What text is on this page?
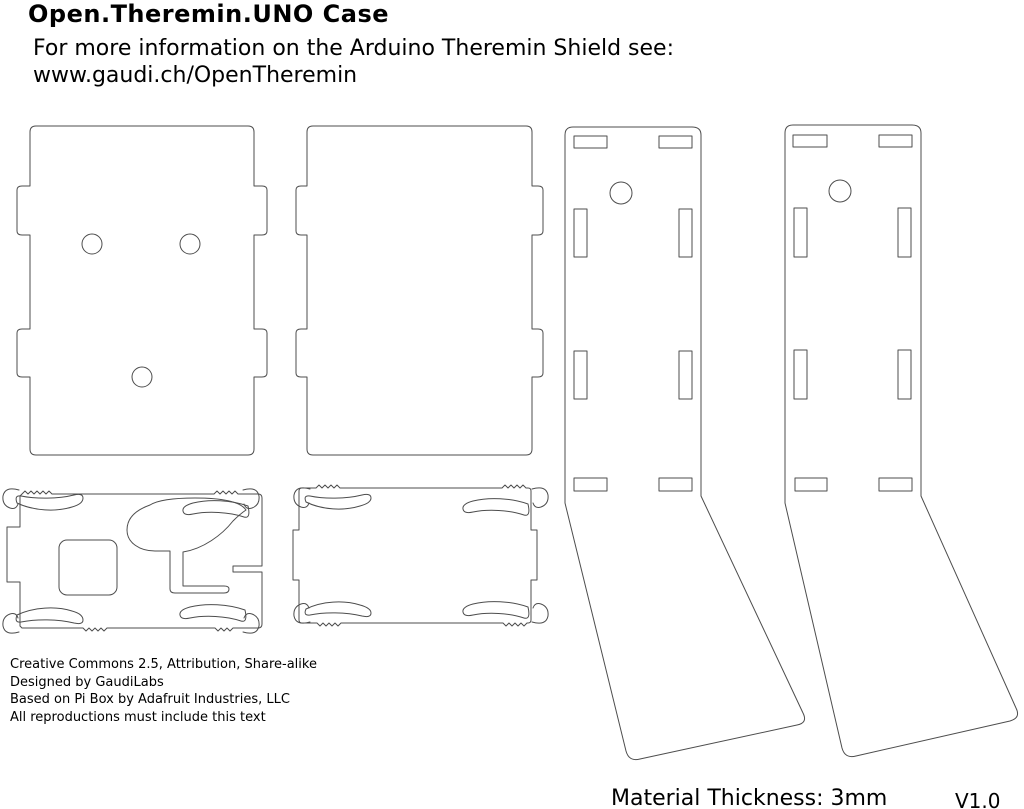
Open.Theremin.UNO Case
For more information on the Arduino Theremin Shield see:
www.gaudi.ch/OpenTheremin
Creative Commons 2.5, Attribution, Share-alike
Designed by GaudiLabs
Based on Pi Box by Adafruit Industries, LLC
All reproductions must include this text
Material Thickness: 3mm	V1.0
